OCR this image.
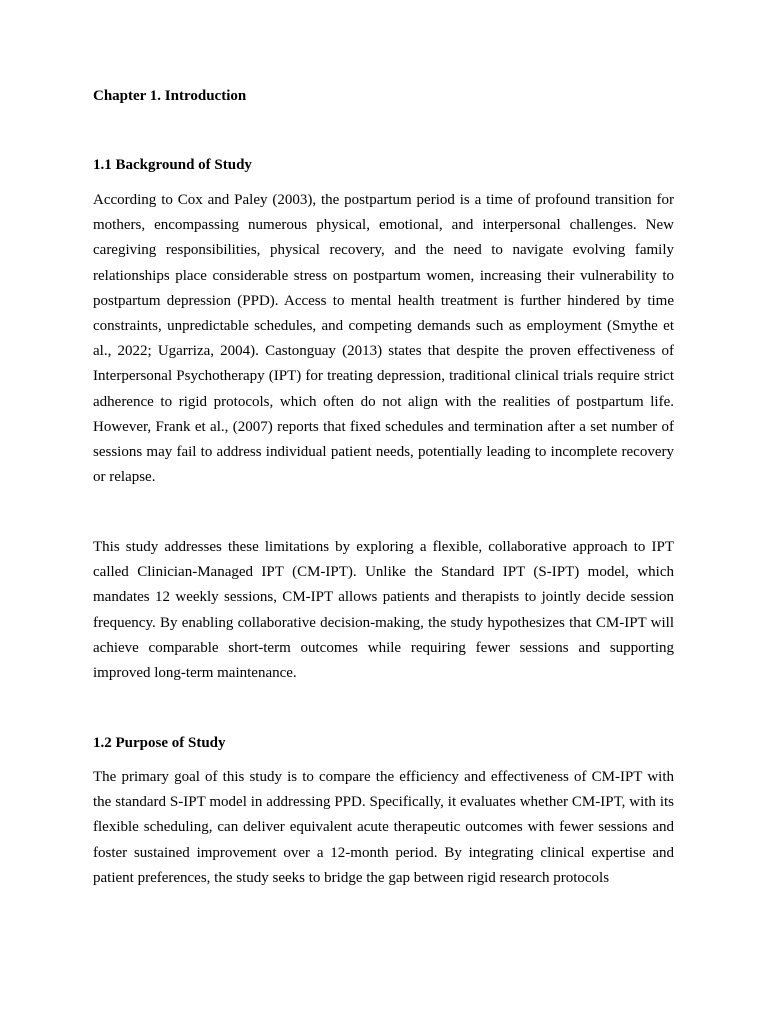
Chapter 1. Introduction
1.1 Background of Study

According to Cox and Paley (2003), the postpartum period is a time of profound transition for mothers, encompassing numerous physical, emotional, and interpersonal challenges. New caregiving responsibilities, physical recovery, and the need to navigate evolving family relationships place considerable stress on postpartum women, increasing their vulnerability to postpartum depression (PPD). Access to mental health treatment is further hindered by time constraints, unpredictable schedules, and competing demands such as employment (Smythe et al., 2022; Ugarriza, 2004). Castonguay (2013) states that despite the proven effectiveness of Interpersonal Psychotherapy (IPT) for treating depression, traditional clinical trials require strict adherence to rigid protocols, which often do not align with the realities of postpartum life. However, Frank et al., (2007) reports that fixed schedules and termination after a set number of sessions may fail to address individual patient needs, potentially leading to incomplete recovery or relapse.

This study addresses these limitations by exploring a flexible, collaborative approach to IPT called Clinician-Managed IPT (CM-IPT). Unlike the Standard IPT (S-IPT) model, which mandates 12 weekly sessions, CM-IPT allows patients and therapists to jointly decide session frequency. By enabling collaborative decision-making, the study hypothesizes that CM-IPT will achieve comparable short-term outcomes while requiring fewer sessions and supporting improved long-term maintenance.

1.2 Purpose of Study

The primary goal of this study is to compare the efficiency and effectiveness of CM-IPT with the standard S-IPT model in addressing PPD. Specifically, it evaluates whether CM-IPT, with its flexible scheduling, can deliver equivalent acute therapeutic outcomes with fewer sessions and foster sustained improvement over a 12-month period. By integrating clinical expertise and patient preferences, the study seeks to bridge the gap between rigid research protocols
